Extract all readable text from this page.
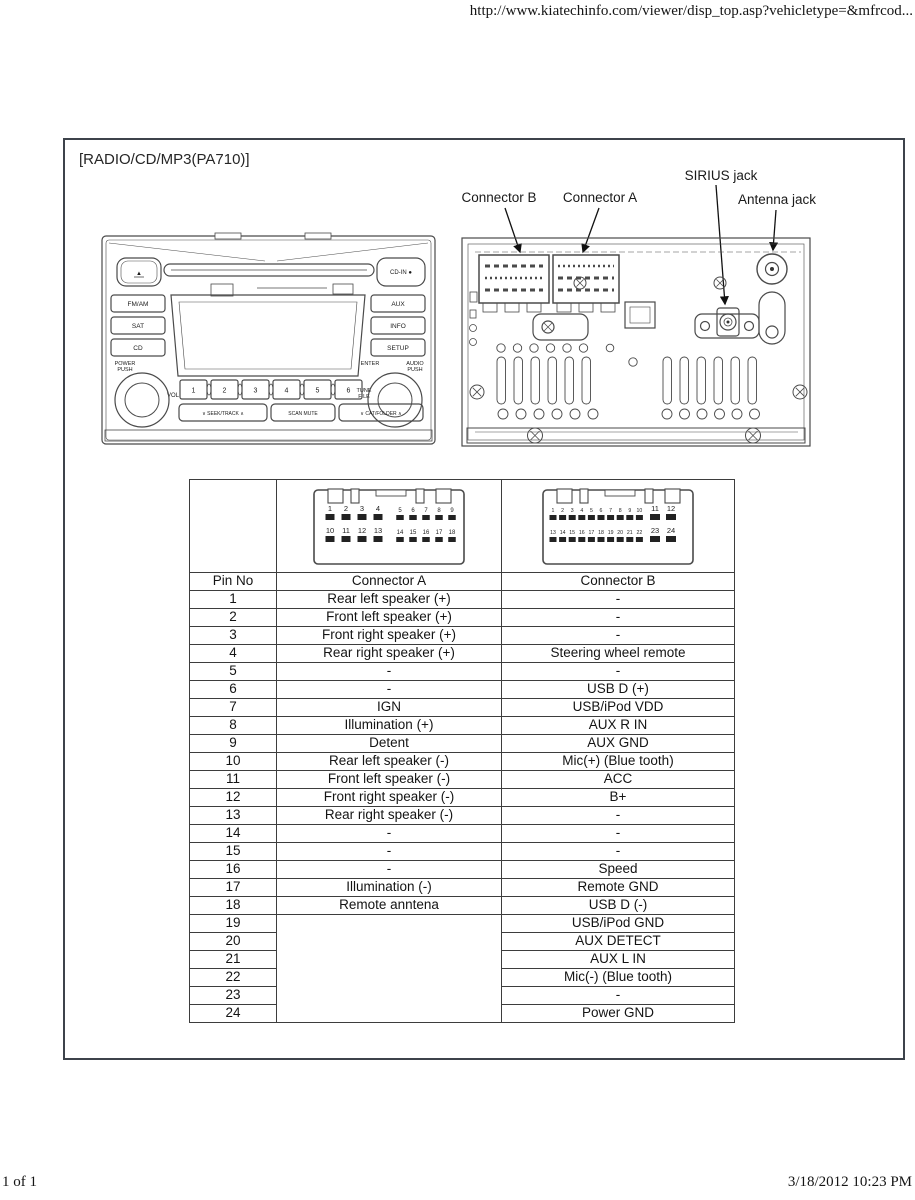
http://www.kiatechinfo.com/viewer/disp_top.asp?vehicletype=&mfrcod...
[RADIO/CD/MP3(PA710)]
Connector B Connector A
SIRIUS jack
Antenna jack
▲	CD-IN ●
FM/AM
SAT
CD
AUX
INFO
SETUP
POWER
PUSH
VOL
ENTER	AUDIO
PUSH
TUNE
FILE
1	2	3	4	5	6
∨ SEEK/TRACK ∧	SCAN MUTE	∨ CAT/FOLDER ∧

1 2 3 4	5 6 7 8 9
10 11 12 13 14 15 16 17 18

1 2 3 4 5 6 7 8 9 10 11 12
13 14 15 16 17 18 19 20 21 22 23 24

Pin No	Connector A	Connector B
1	Rear left speaker (+)	-
2	Front left speaker (+)	-
3	Front right speaker (+)	-
4	Rear right speaker (+)	Steering wheel remote
5	-	-
6	-	USB D (+)
7	IGN	USB/iPod VDD
8	Illumination (+)	AUX R IN
9	Detent	AUX GND
10	Rear left speaker (-)	Mic(+) (Blue tooth)
11	Front left speaker (-)	ACC
12	Front right speaker (-)	B+
13	Rear right speaker (-)	-
14	-	-
15	-	-
16	-	Speed
17	Illumination (-)	Remote GND
18	Remote anntena	USB D (-)
19		USB/iPod GND
20		AUX DETECT
21		AUX L IN
22		Mic(-) (Blue tooth)
23		-
24		Power GND
1 of 1	3/18/2012 10:23 PM
